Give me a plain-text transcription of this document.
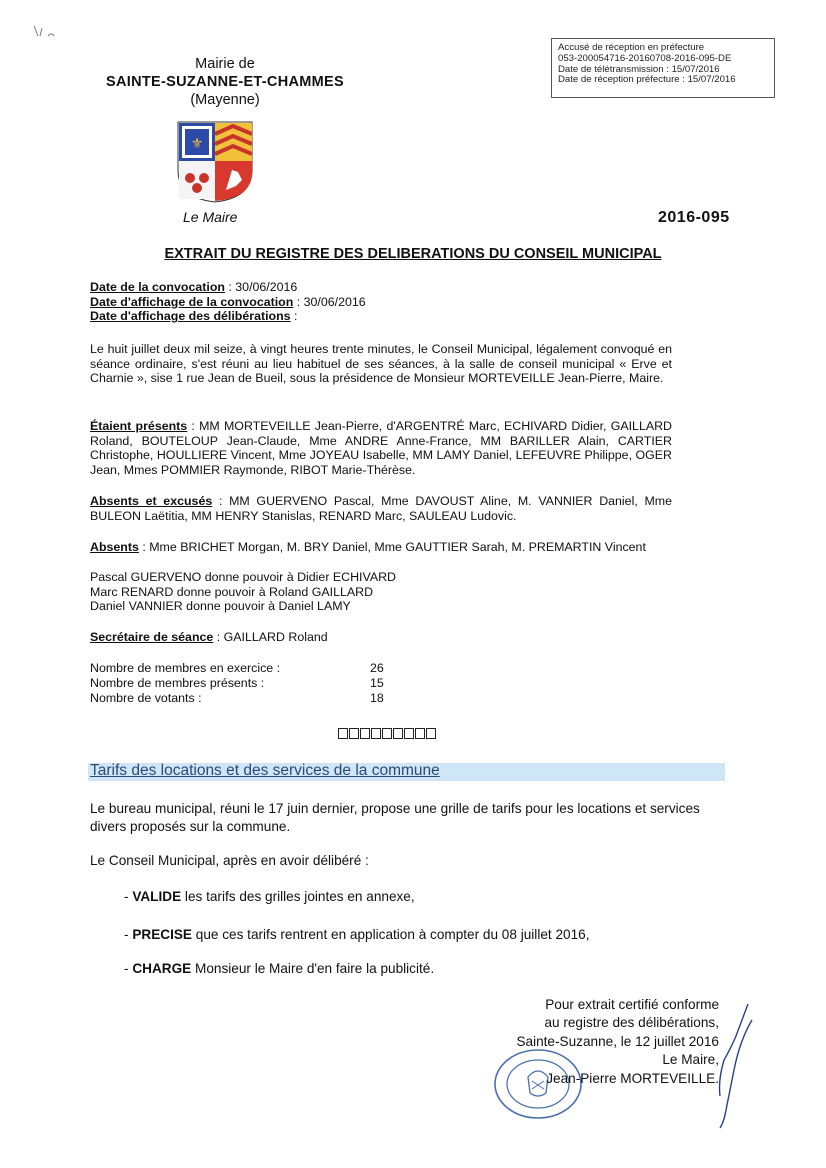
Mairie de
SAINTE-SUZANNE-ET-CHAMMES
(Mayenne)
Accusé de réception en préfecture
053-200054716-20160708-2016-095-DE
Date de télétransmission : 15/07/2016
Date de réception préfecture : 15/07/2016
⚜
Le Maire	2016-095
EXTRAIT DU REGISTRE DES DELIBERATIONS DU CONSEIL MUNICIPAL
Date de la convocation : 30/06/2016
Date d'affichage de la convocation : 30/06/2016
Date d'affichage des délibérations :
Le huit juillet deux mil seize, à vingt heures trente minutes, le Conseil Municipal, légalement convoqué en séance ordinaire, s'est réuni au lieu habituel de ses séances, à la salle de conseil municipal « Erve et Charnie », sise 1 rue Jean de Bueil, sous la présidence de Monsieur MORTEVEILLE Jean-Pierre, Maire.
Étaient présents : MM MORTEVEILLE Jean-Pierre, d'ARGENTRÉ Marc, ECHIVARD Didier, GAILLARD Roland, BOUTELOUP Jean-Claude, Mme ANDRE Anne-France, MM BARILLER Alain, CARTIER Christophe, HOULLIERE Vincent, Mme JOYEAU Isabelle, MM LAMY Daniel, LEFEUVRE Philippe, OGER Jean, Mmes POMMIER Raymonde, RIBOT Marie-Thérèse.
Absents et excusés : MM GUERVENO Pascal, Mme DAVOUST Aline, M. VANNIER Daniel, Mme BULEON Laëtitia, MM HENRY Stanislas, RENARD Marc, SAULEAU Ludovic.
Absents : Mme BRICHET Morgan, M. BRY Daniel, Mme GAUTTIER Sarah, M. PREMARTIN Vincent
Pascal GUERVENO donne pouvoir à Didier ECHIVARD
Marc RENARD donne pouvoir à Roland GAILLARD
Daniel VANNIER donne pouvoir à Daniel LAMY
Secrétaire de séance : GAILLARD Roland
Nombre de membres en exercice :	26
Nombre de membres présents :	15
Nombre de votants :	18
Tarifs des locations et des services de la commune
Le bureau municipal, réuni le 17 juin dernier, propose une grille de tarifs pour les locations et services divers proposés sur la commune.
Le Conseil Municipal, après en avoir délibéré :
- VALIDE les tarifs des grilles jointes en annexe,
- PRECISE que ces tarifs rentrent en application à compter du 08 juillet 2016,
- CHARGE Monsieur le Maire d'en faire la publicité.
Pour extrait certifié conforme
au registre des délibérations,
Sainte-Suzanne, le 12 juillet 2016
Le Maire,
Jean-Pierre MORTEVEILLE.
